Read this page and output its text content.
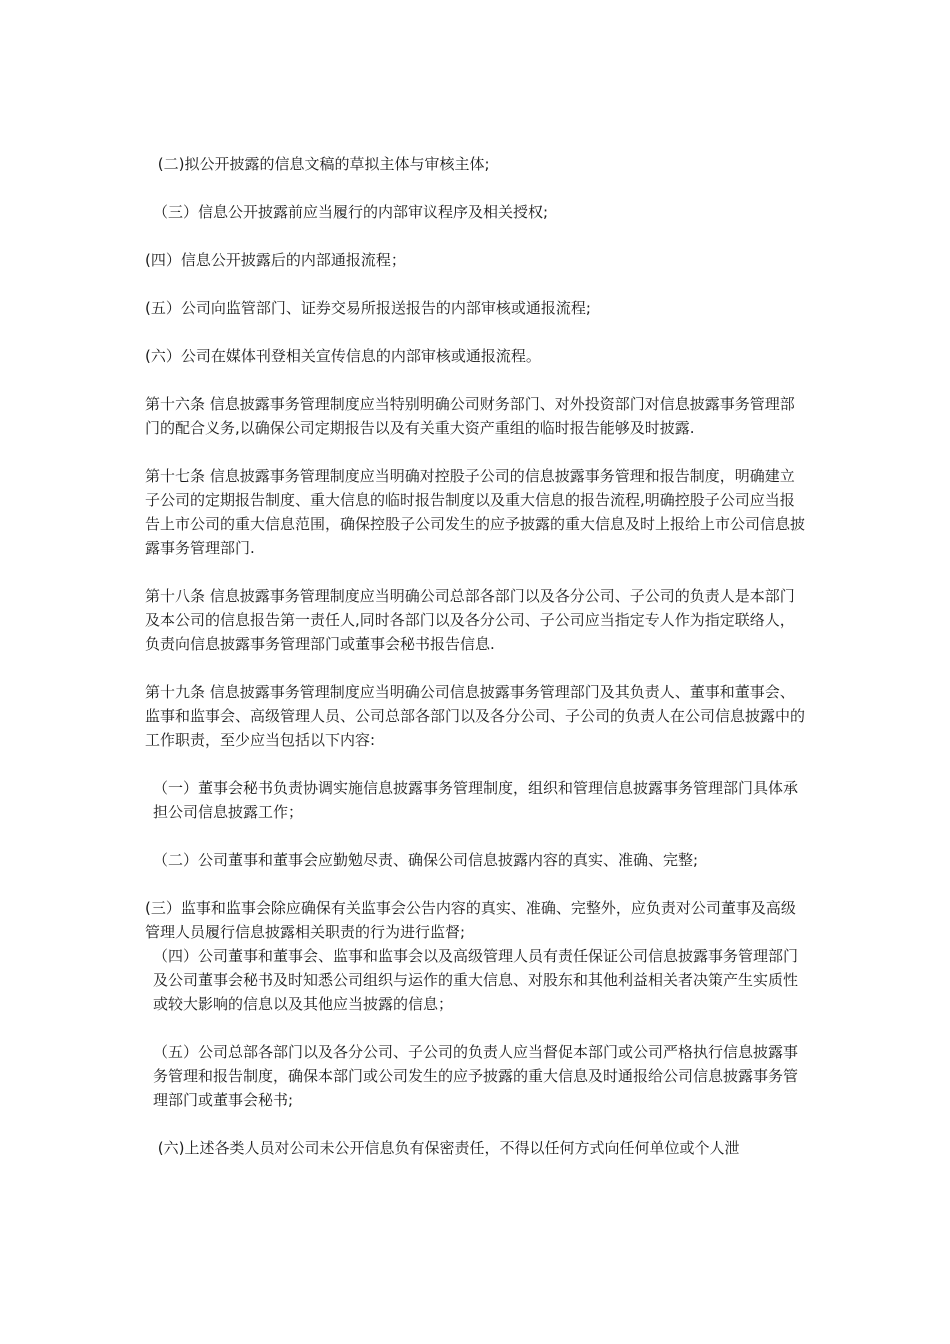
(二)拟公开披露的信息文稿的草拟主体与审核主体;

（三）信息公开披露前应当履行的内部审议程序及相关授权;

(四）信息公开披露后的内部通报流程；

(五）公司向监管部门、证券交易所报送报告的内部审核或通报流程;

(六）公司在媒体刊登相关宣传信息的内部审核或通报流程。

第十六条 信息披露事务管理制度应当特别明确公司财务部门、对外投资部门对信息披露事务管理部门的配合义务,以确保公司定期报告以及有关重大资产重组的临时报告能够及时披露.

第十七条 信息披露事务管理制度应当明确对控股子公司的信息披露事务管理和报告制度，明确建立子公司的定期报告制度、重大信息的临时报告制度以及重大信息的报告流程,明确控股子公司应当报告上市公司的重大信息范围，确保控股子公司发生的应予披露的重大信息及时上报给上市公司信息披露事务管理部门.

第十八条 信息披露事务管理制度应当明确公司总部各部门以及各分公司、子公司的负责人是本部门及本公司的信息报告第一责任人,同时各部门以及各分公司、子公司应当指定专人作为指定联络人，负责向信息披露事务管理部门或董事会秘书报告信息.

第十九条 信息披露事务管理制度应当明确公司信息披露事务管理部门及其负责人、董事和董事会、监事和监事会、高级管理人员、公司总部各部门以及各分公司、子公司的负责人在公司信息披露中的工作职责，至少应当包括以下内容:

（一）董事会秘书负责协调实施信息披露事务管理制度，组织和管理信息披露事务管理部门具体承担公司信息披露工作；

（二）公司董事和董事会应勤勉尽责、确保公司信息披露内容的真实、准确、完整;

(三）监事和监事会除应确保有关监事会公告内容的真实、准确、完整外，应负责对公司董事及高级管理人员履行信息披露相关职责的行为进行监督;

（四）公司董事和董事会、监事和监事会以及高级管理人员有责任保证公司信息披露事务管理部门及公司董事会秘书及时知悉公司组织与运作的重大信息、对股东和其他利益相关者决策产生实质性或较大影响的信息以及其他应当披露的信息；

（五）公司总部各部门以及各分公司、子公司的负责人应当督促本部门或公司严格执行信息披露事务管理和报告制度，确保本部门或公司发生的应予披露的重大信息及时通报给公司信息披露事务管理部门或董事会秘书;

(六)上述各类人员对公司未公开信息负有保密责任，不得以任何方式向任何单位或个人泄
